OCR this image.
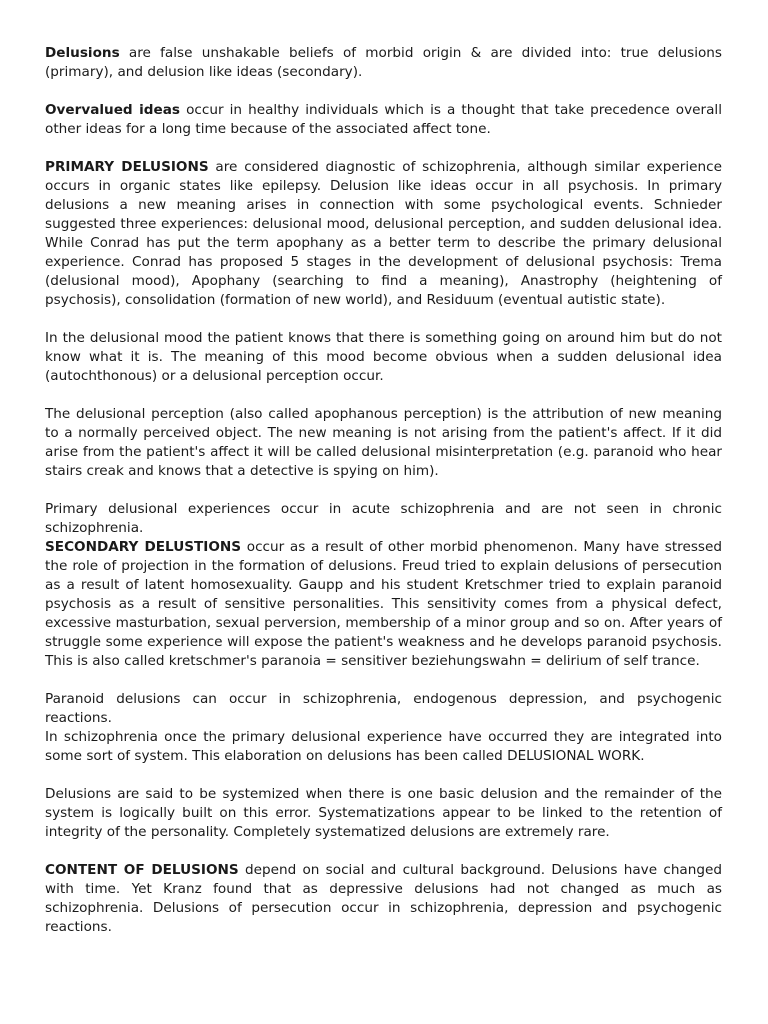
Delusions are false unshakable beliefs of morbid origin & are divided into: true delusions (primary), and delusion like ideas (secondary).

Overvalued ideas occur in healthy individuals which is a thought that take precedence overall other ideas for a long time because of the associated affect tone.

PRIMARY DELUSIONS are considered diagnostic of schizophrenia, although similar experience occurs in organic states like epilepsy. Delusion like ideas occur in all psychosis. In primary delusions a new meaning arises in connection with some psychological events. Schnieder suggested three experiences: delusional mood, delusional perception, and sudden delusional idea. While Conrad has put the term apophany as a better term to describe the primary delusional experience. Conrad has proposed 5 stages in the development of delusional psychosis: Trema (delusional mood), Apophany (searching to find a meaning), Anastrophy (heightening of psychosis), consolidation (formation of new world), and Residuum (eventual autistic state).

In the delusional mood the patient knows that there is something going on around him but do not know what it is. The meaning of this mood become obvious when a sudden delusional idea (autochthonous) or a delusional perception occur.

The delusional perception (also called apophanous perception) is the attribution of new meaning to a normally perceived object. The new meaning is not arising from the patient's affect. If it did arise from the patient's affect it will be called delusional misinterpretation (e.g. paranoid who hear stairs creak and knows that a detective is spying on him).

Primary delusional experiences occur in acute schizophrenia and are not seen in chronic schizophrenia.

SECONDARY DELUSTIONS occur as a result of other morbid phenomenon. Many have stressed the role of projection in the formation of delusions. Freud tried to explain delusions of persecution as a result of latent homosexuality. Gaupp and his student Kretschmer tried to explain paranoid psychosis as a result of sensitive personalities. This sensitivity comes from a physical defect, excessive masturbation, sexual perversion, membership of a minor group and so on. After years of struggle some experience will expose the patient's weakness and he develops paranoid psychosis. This is also called kretschmer's paranoia = sensitiver beziehungswahn = delirium of self trance.

Paranoid delusions can occur in schizophrenia, endogenous depression, and psychogenic reactions.

In schizophrenia once the primary delusional experience have occurred they are integrated into some sort of system. This elaboration on delusions has been called DELUSIONAL WORK.

Delusions are said to be systemized when there is one basic delusion and the remainder of the system is logically built on this error. Systematizations appear to be linked to the retention of integrity of the personality. Completely systematized delusions are extremely rare.

CONTENT OF DELUSIONS depend on social and cultural background. Delusions have changed with time. Yet Kranz found that as depressive delusions had not changed as much as schizophrenia. Delusions of persecution occur in schizophrenia, depression and psychogenic reactions.
